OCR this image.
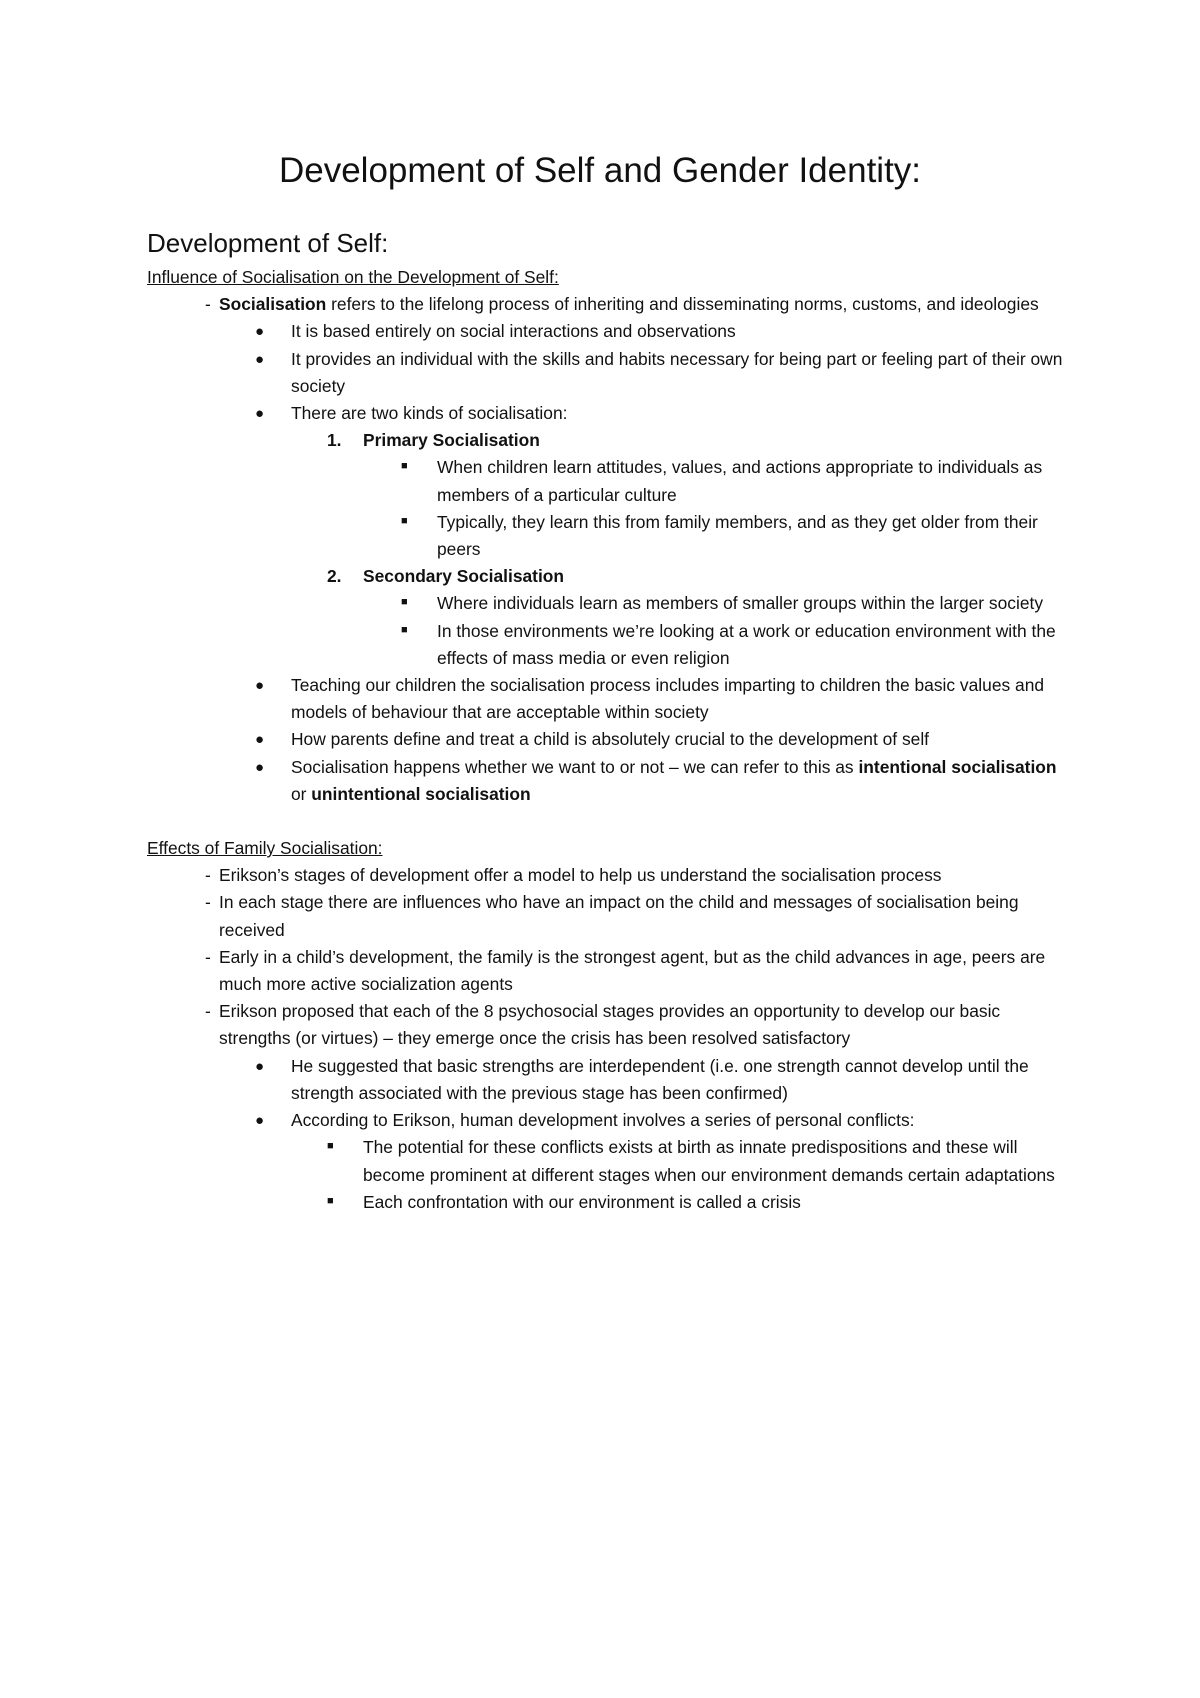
Development of Self and Gender Identity:
Development of Self:
Influence of Socialisation on the Development of Self:
- Socialisation refers to the lifelong process of inheriting and disseminating norms, customs, and ideologies
● It is based entirely on social interactions and observations
● It provides an individual with the skills and habits necessary for being part or feeling part of their own society
● There are two kinds of socialisation:
1. Primary Socialisation
■ When children learn attitudes, values, and actions appropriate to individuals as members of a particular culture
■ Typically, they learn this from family members, and as they get older from their peers
2. Secondary Socialisation
■ Where individuals learn as members of smaller groups within the larger society
■ In those environments we’re looking at a work or education environment with the effects of mass media or even religion
● Teaching our children the socialisation process includes imparting to children the basic values and models of behaviour that are acceptable within society
● How parents define and treat a child is absolutely crucial to the development of self
● Socialisation happens whether we want to or not – we can refer to this as intentional socialisation or unintentional socialisation
Effects of Family Socialisation:
- Erikson’s stages of development offer a model to help us understand the socialisation process
- In each stage there are influences who have an impact on the child and messages of socialisation being received
- Early in a child’s development, the family is the strongest agent, but as the child advances in age, peers are much more active socialization agents
- Erikson proposed that each of the 8 psychosocial stages provides an opportunity to develop our basic strengths (or virtues) – they emerge once the crisis has been resolved satisfactory
● He suggested that basic strengths are interdependent (i.e. one strength cannot develop until the strength associated with the previous stage has been confirmed)
● According to Erikson, human development involves a series of personal conflicts:
■ The potential for these conflicts exists at birth as innate predispositions and these will become prominent at different stages when our environment demands certain adaptations
■ Each confrontation with our environment is called a crisis
